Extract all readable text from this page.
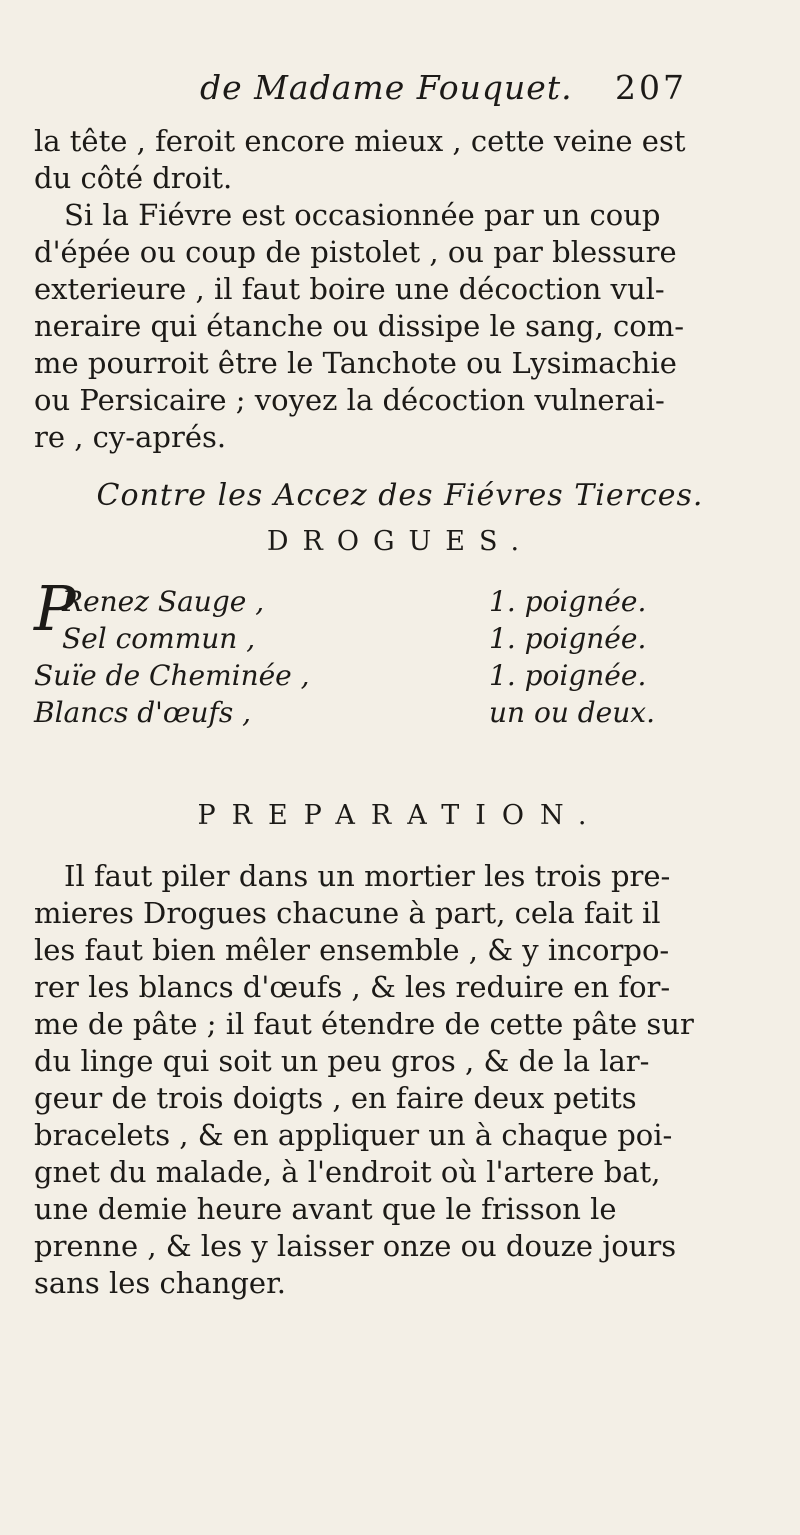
de Madame Fouquet. 207
la tête , feroit encore mieux , cette veine est
du côté droit.
Si la Fiévre est occasionnée par un coup
d'épée ou coup de pistolet , ou par blessure
exterieure , il faut boire une décoction vul-
neraire qui étanche ou dissipe le sang, com-
me pourroit être le Tanchote ou Lysimachie
ou Persicaire ; voyez la décoction vulnerai-
re , cy-aprés.
Contre les Accez des Fiévres Tierces.
DROGUES.
P
Renez Sauge ,	1. poignée.
Sel commun ,	1. poignée.
Suïe de Cheminée ,	1. poignée.
Blancs d'œufs ,	un ou deux.
PREPARATION.
Il faut piler dans un mortier les trois pre-
mieres Drogues chacune à part, cela fait il
les faut bien mêler ensemble , & y incorpo-
rer les blancs d'œufs , & les reduire en for-
me de pâte ; il faut étendre de cette pâte sur
du linge qui soit un peu gros , & de la lar-
geur de trois doigts , en faire deux petits
bracelets , & en appliquer un à chaque poi-
gnet du malade, à l'endroit où l'artere bat,
une demie heure avant que le frisson le
prenne , & les y laisser onze ou douze jours
sans les changer.
